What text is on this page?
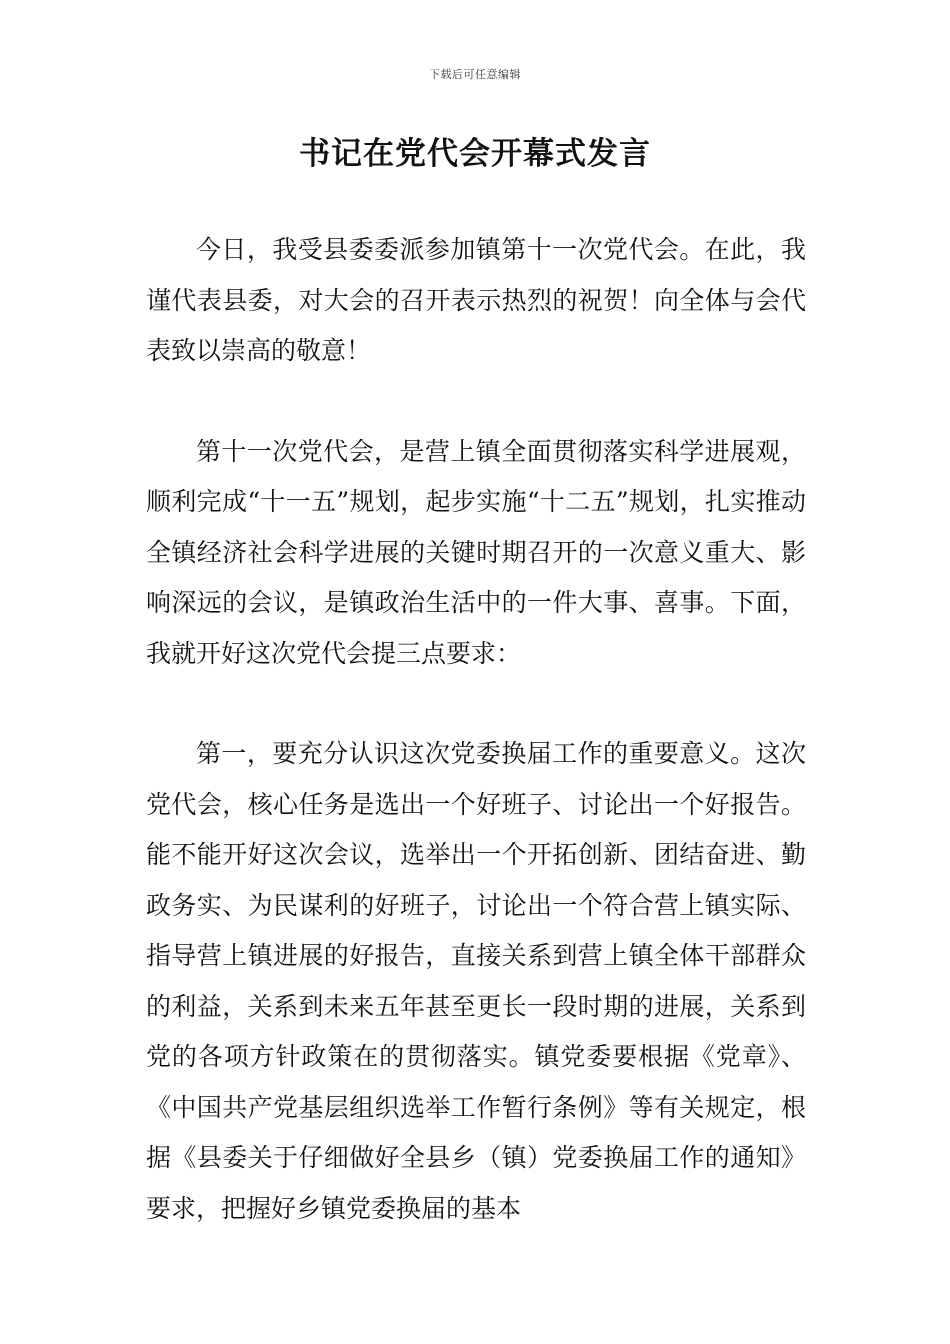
下载后可任意编辑
书记在党代会开幕式发言

今日，我受县委委派参加镇第十一次党代会。在此，我谨代表县委，对大会的召开表示热烈的祝贺！向全体与会代表致以崇高的敬意！

第十一次党代会，是营上镇全面贯彻落实科学进展观，顺利完成“十一五”规划，起步实施“十二五”规划，扎实推动全镇经济社会科学进展的关键时期召开的一次意义重大、影响深远的会议，是镇政治生活中的一件大事、喜事。下面，我就开好这次党代会提三点要求：

第一，要充分认识这次党委换届工作的重要意义。这次党代会，核心任务是选出一个好班子、讨论出一个好报告。能不能开好这次会议，选举出一个开拓创新、团结奋进、勤政务实、为民谋利的好班子，讨论出一个符合营上镇实际、指导营上镇进展的好报告，直接关系到营上镇全体干部群众的利益，关系到未来五年甚至更长一段时期的进展，关系到党的各项方针政策在的贯彻落实。镇党委要根据《党章》、《中国共产党基层组织选举工作暂行条例》等有关规定，根据《县委关于仔细做好全县乡（镇）党委换届工作的通知》要求，把握好乡镇党委换届的基本
